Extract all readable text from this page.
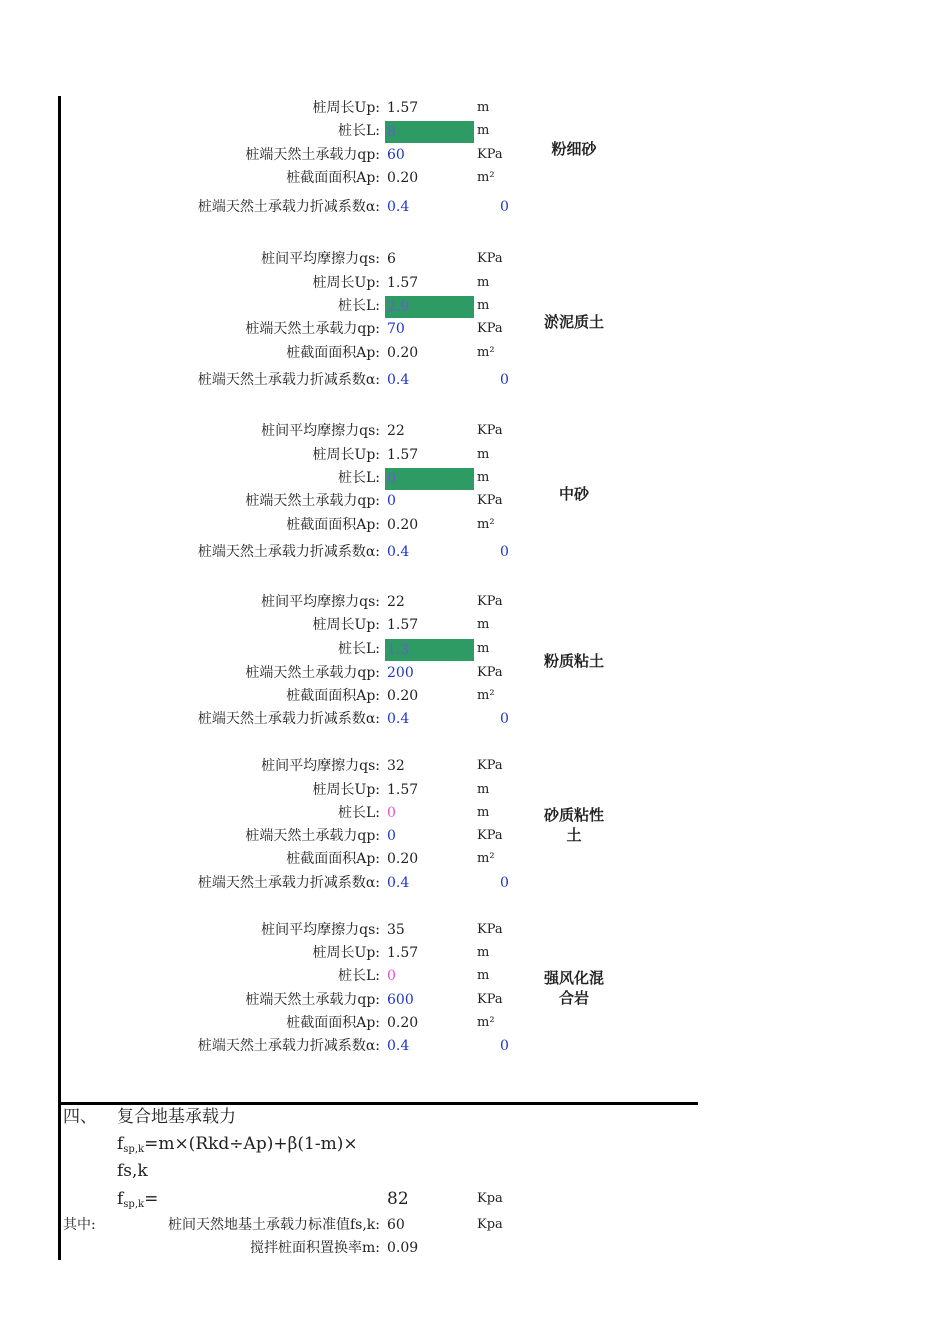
桩周长Up: 1.57	m
桩长L: 8	m
桩端天然土承载力qp: 60	KPa
桩截面面积Ap: 0.20	m²
桩端天然土承载力折减系数α: 0.4	0
粉细砂
桩间平均摩擦力qs: 6	KPa
桩周长Up: 1.57	m
桩长L: 2.9	m
桩端天然土承载力qp: 70	KPa
桩截面面积Ap: 0.20	m²
桩端天然土承载力折减系数α: 0.4	0
淤泥质土
桩间平均摩擦力qs: 22	KPa
桩周长Up: 1.57	m
桩长L: 0	m
桩端天然土承载力qp: 0	KPa
桩截面面积Ap: 0.20	m²
桩端天然土承载力折减系数α: 0.4	0
中砂
桩间平均摩擦力qs: 22	KPa
桩周长Up: 1.57	m
桩长L: 1.3	m
桩端天然土承载力qp: 200	KPa
桩截面面积Ap: 0.20	m²
桩端天然土承载力折减系数α: 0.4	0
粉质粘土
桩间平均摩擦力qs: 32	KPa
桩周长Up: 1.57	m
桩长L: 0	m
桩端天然土承载力qp: 0	KPa
桩截面面积Ap: 0.20	m²
桩端天然土承载力折减系数α: 0.4	0
砂质粘性
土
桩间平均摩擦力qs: 35	KPa
桩周长Up: 1.57	m
桩长L: 0	m
桩端天然土承载力qp: 600	KPa
桩截面面积Ap: 0.20	m²
桩端天然土承载力折减系数α: 0.4	0
强风化混
合岩
四、 复合地基承载力
$f_{sp,k}=m\times(Rkd\div Ap)+\beta(1-m)\times$
fs,k
$f_{sp,k}=$	82	Kpa
其中:	桩间天然地基土承载力标准值fs,k: 60	Kpa
搅拌桩面积置换率m: 0.09
